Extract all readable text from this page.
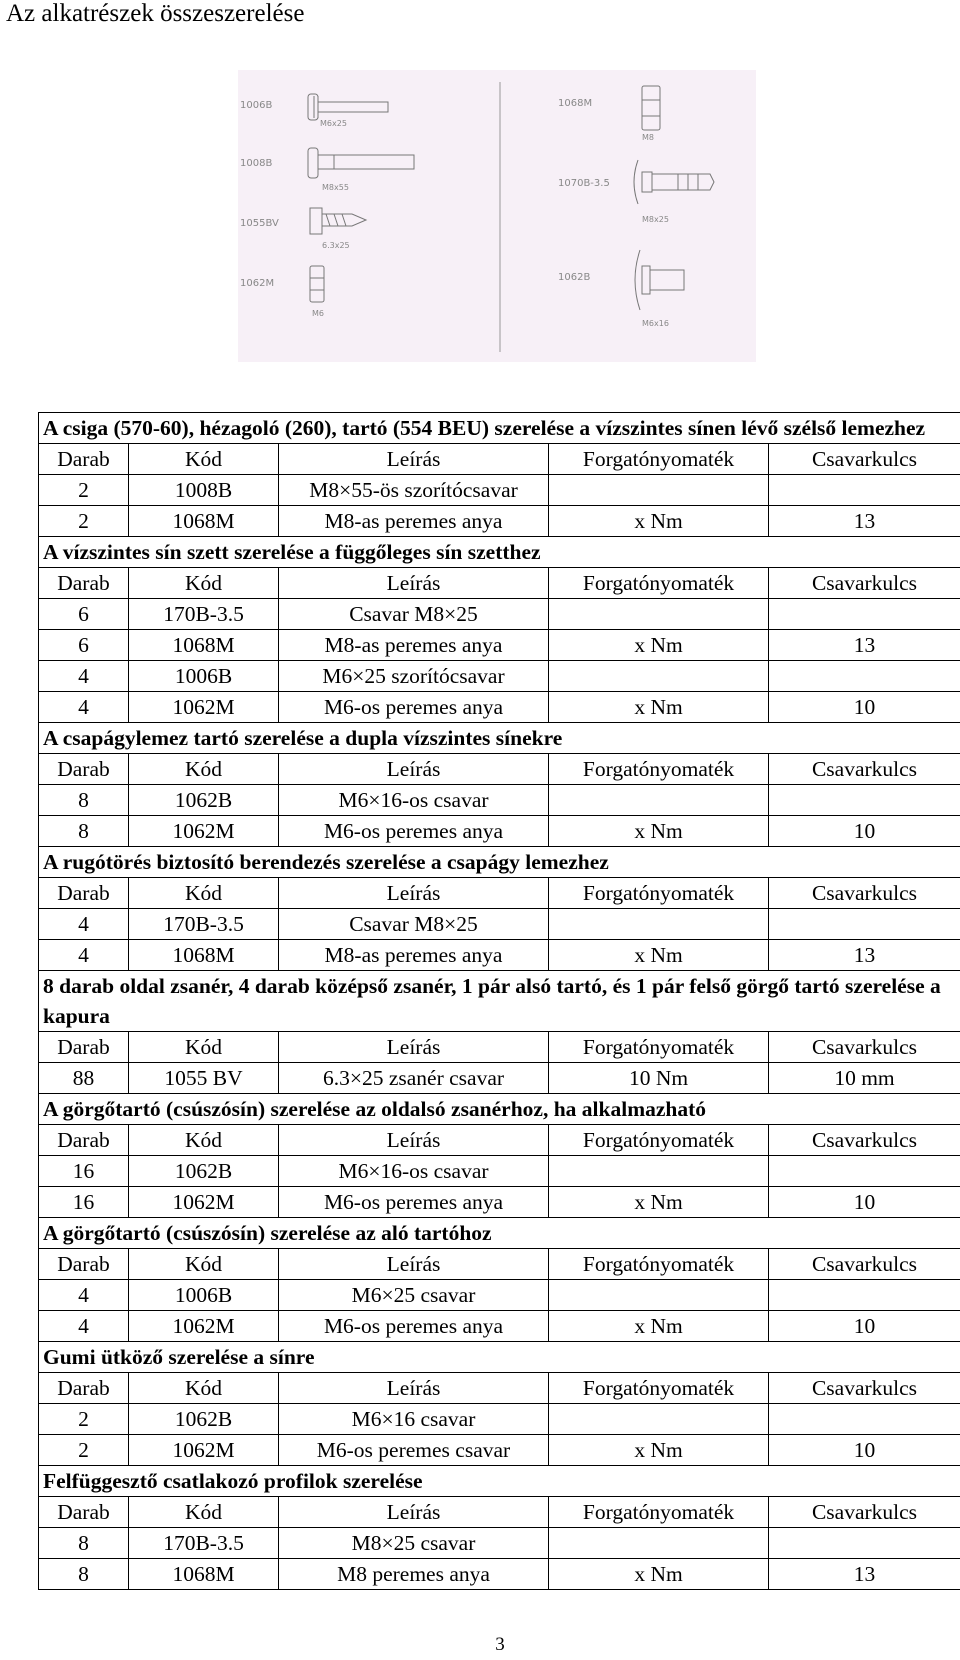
Az alkatrészek összeszerelése
1006B
M6x25
1008B
M8x55
1055BV
6.3x25
1062M
M6
1068M
M8
1070B-3.5
M8x25
1062B
M6x16
A csiga (570-60), hézagoló (260), tartó (554 BEU) szerelése a vízszintes sínen lévő szélső lemezhez				
Darab	Kód	Leírás	Forgatónyomaték	Csavarkulcs
2	1008B	M8×55-ös szorítócsavar		
2	1068M	M8-as peremes anya	x Nm	13
A vízszintes sín szett szerelése a függőleges sín szetthez				
Darab	Kód	Leírás	Forgatónyomaték	Csavarkulcs
6	170B-3.5	Csavar M8×25		
6	1068M	M8-as peremes anya	x Nm	13
4	1006B	M6×25 szorítócsavar		
4	1062M	M6-os peremes anya	x Nm	10
A csapágylemez tartó szerelése a dupla vízszintes sínekre				
Darab	Kód	Leírás	Forgatónyomaték	Csavarkulcs
8	1062B	M6×16-os csavar		
8	1062M	M6-os peremes anya	x Nm	10
A rugótörés biztosító berendezés szerelése a csapágy lemezhez				
Darab	Kód	Leírás	Forgatónyomaték	Csavarkulcs
4	170B-3.5	Csavar M8×25		
4	1068M	M8-as peremes anya	x Nm	13
8 darab oldal zsanér, 4 darab középső zsanér, 1 pár alsó tartó, és 1 pár felső görgő tartó szerelése a kapura				
Darab	Kód	Leírás	Forgatónyomaték	Csavarkulcs
88	1055 BV	6.3×25 zsanér csavar	10 Nm	10 mm
A görgőtartó (csúszósín) szerelése az oldalsó zsanérhoz, ha alkalmazható				
Darab	Kód	Leírás	Forgatónyomaték	Csavarkulcs
16	1062B	M6×16-os csavar		
16	1062M	M6-os peremes anya	x Nm	10
A görgőtartó (csúszósín) szerelése az aló tartóhoz				
Darab	Kód	Leírás	Forgatónyomaték	Csavarkulcs
4	1006B	M6×25 csavar		
4	1062M	M6-os peremes anya	x Nm	10
Gumi ütköző szerelése a sínre				
Darab	Kód	Leírás	Forgatónyomaték	Csavarkulcs
2	1062B	M6×16 csavar		
2	1062M	M6-os peremes csavar	x Nm	10
Felfüggesztő csatlakozó profilok szerelése				
Darab	Kód	Leírás	Forgatónyomaték	Csavarkulcs
8	170B-3.5	M8×25 csavar		
8	1068M	M8 peremes anya	x Nm	13
3
